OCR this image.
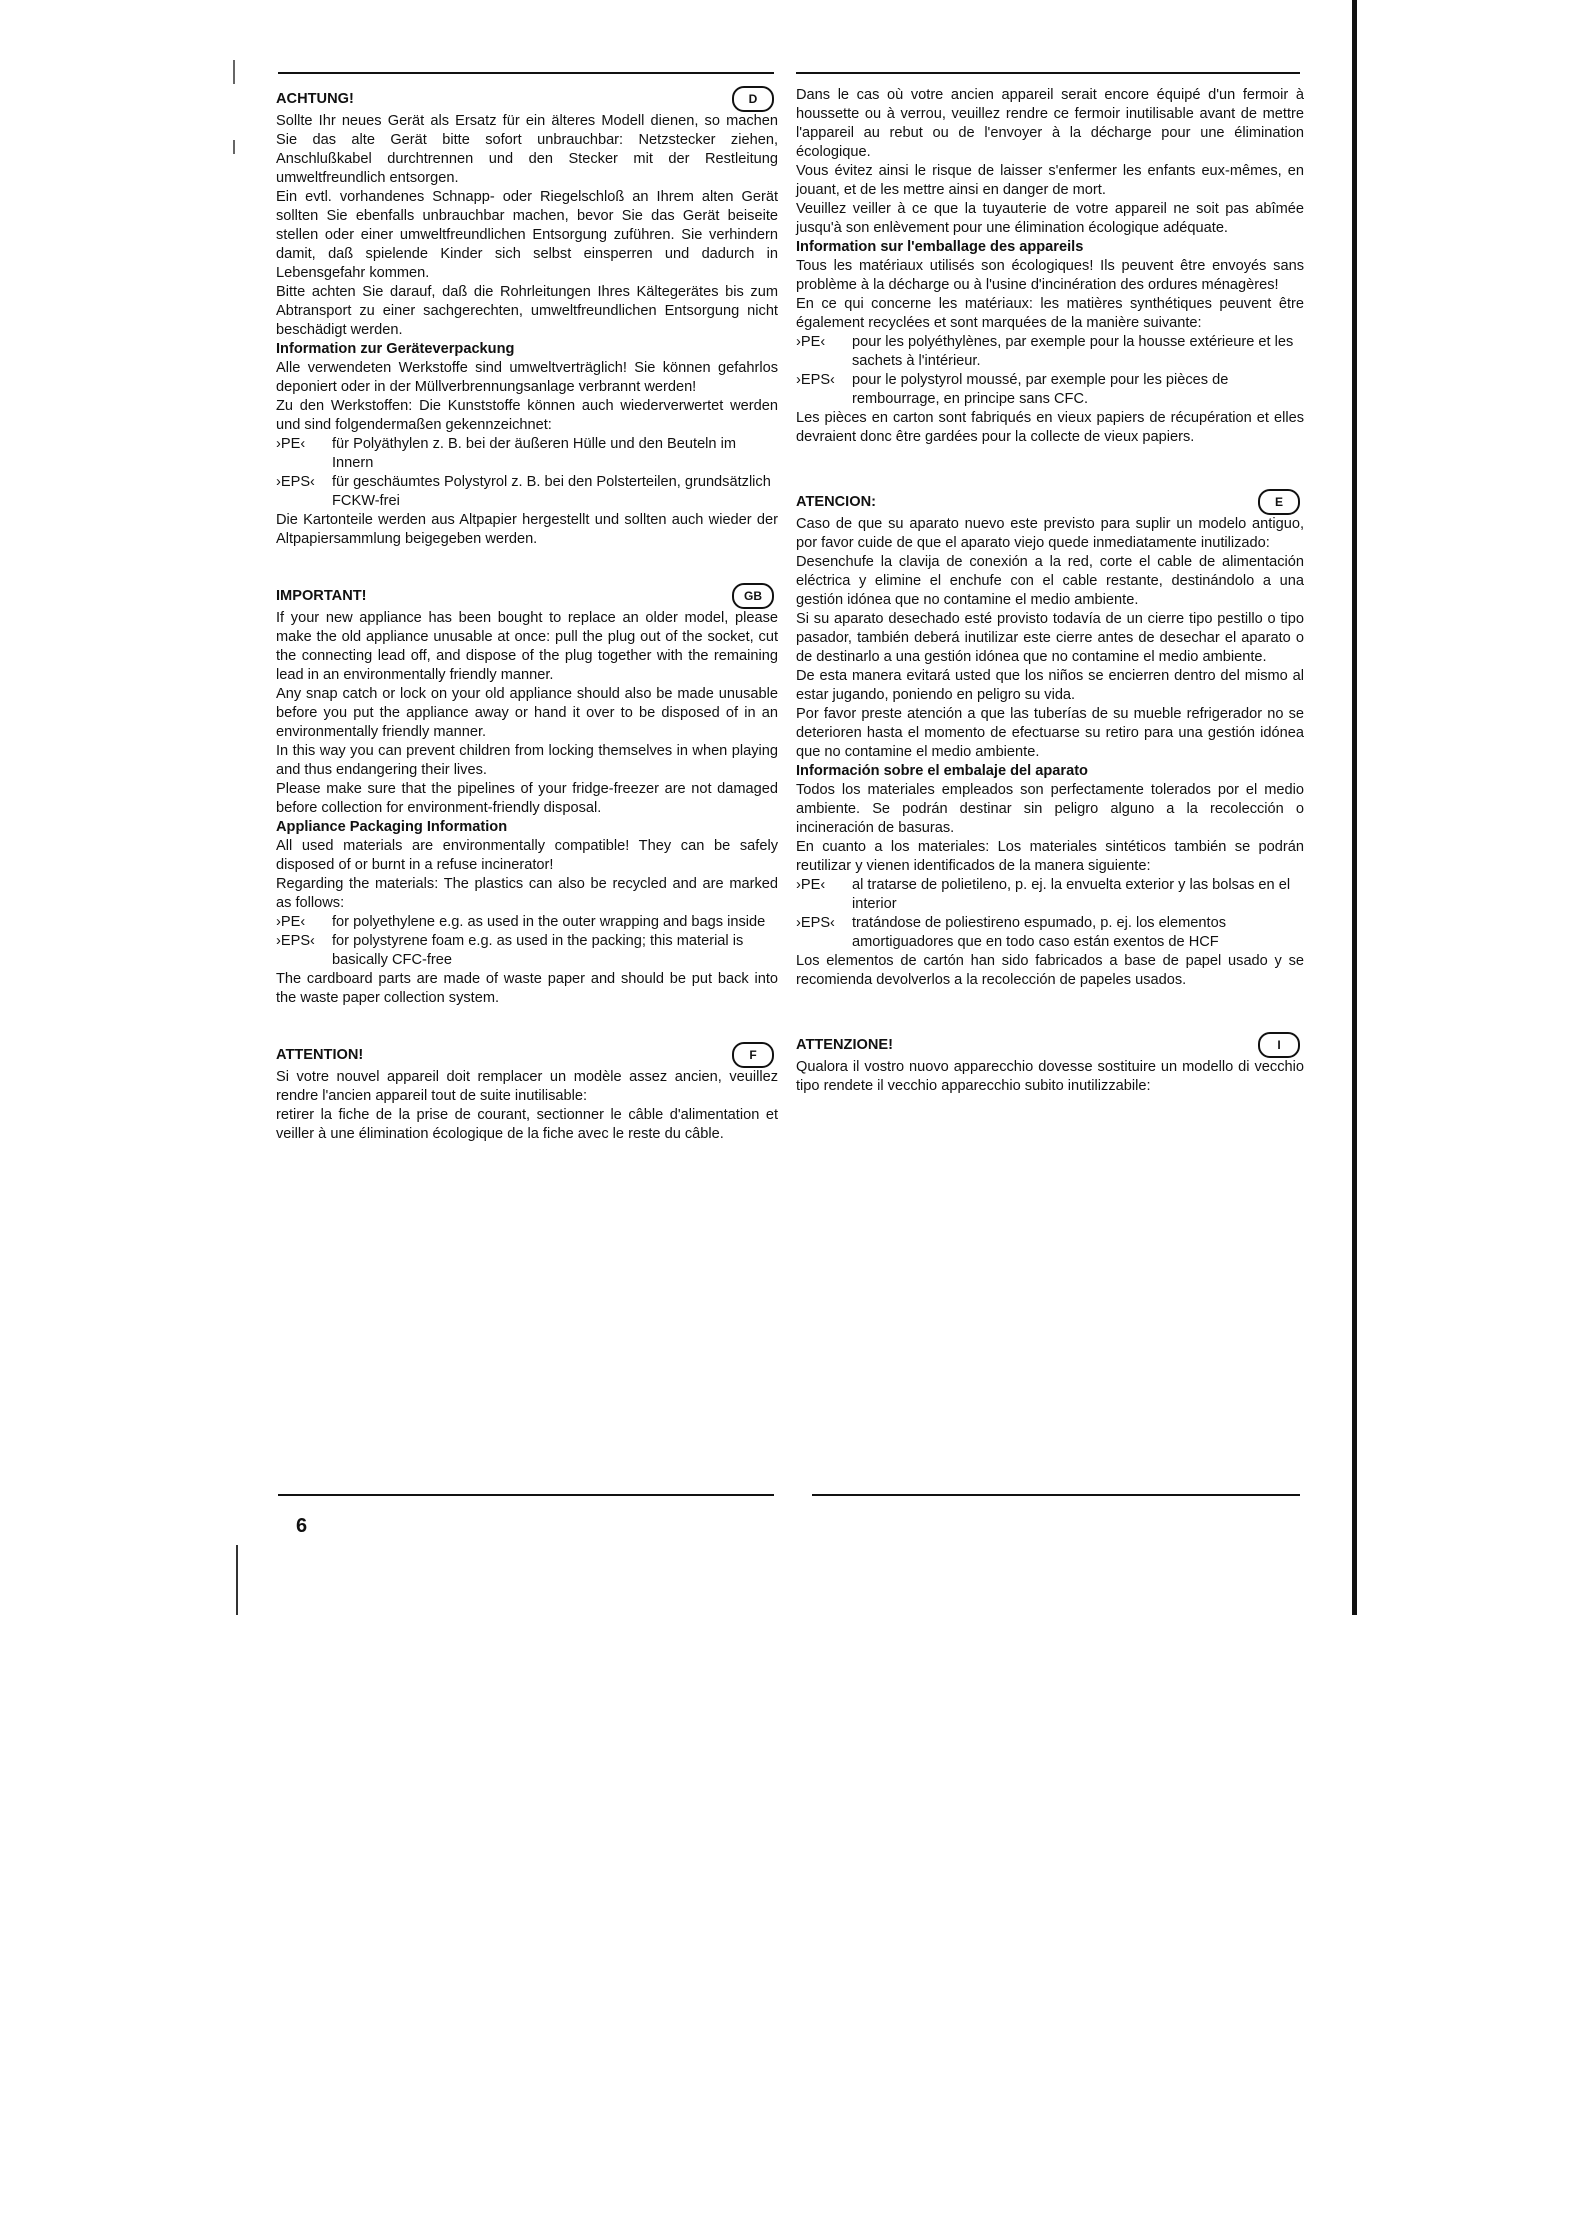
ACHTUNG!	D

Sollte Ihr neues Gerät als Ersatz für ein älteres Modell dienen, so machen Sie das alte Gerät bitte sofort unbrauchbar: Netzstecker ziehen, Anschlußkabel durchtrennen und den Stecker mit der Restleitung umweltfreundlich entsorgen.

Ein evtl. vorhandenes Schnapp- oder Riegelschloß an Ihrem alten Gerät sollten Sie ebenfalls unbrauchbar machen, bevor Sie das Gerät beiseite stellen oder einer umweltfreundlichen Entsorgung zuführen. Sie verhindern damit, daß spielende Kinder sich selbst einsperren und dadurch in Lebensgefahr kommen.

Bitte achten Sie darauf, daß die Rohrleitungen Ihres Kältegerätes bis zum Abtransport zu einer sachgerechten, umweltfreundlichen Entsorgung nicht beschädigt werden.

Information zur Geräteverpackung

Alle verwendeten Werkstoffe sind umweltverträglich! Sie können gefahrlos deponiert oder in der Müllverbrennungsanlage verbrannt werden!

Zu den Werkstoffen: Die Kunststoffe können auch wiederverwertet werden und sind folgendermaßen gekennzeichnet:

›PE‹	für Polyäthylen z. B. bei der äußeren Hülle und den Beuteln im Innern
›EPS‹	für geschäumtes Polystyrol z. B. bei den Polsterteilen, grundsätzlich FCKW-frei

Die Kartonteile werden aus Altpapier hergestellt und sollten auch wieder der Altpapiersammlung beigegeben werden.

IMPORTANT!	GB

If your new appliance has been bought to replace an older model, please make the old appliance unusable at once: pull the plug out of the socket, cut the connecting lead off, and dispose of the plug together with the remaining lead in an environmentally friendly manner.

Any snap catch or lock on your old appliance should also be made unusable before you put the appliance away or hand it over to be disposed of in an environmentally friendly manner.

In this way you can prevent children from locking themselves in when playing and thus endangering their lives.

Please make sure that the pipelines of your fridge-freezer are not damaged before collection for environment-friendly disposal.

Appliance Packaging Information

All used materials are environmentally compatible! They can be safely disposed of or burnt in a refuse incinerator!

Regarding the materials: The plastics can also be recycled and are marked as follows:

›PE‹	for polyethylene e.g. as used in the outer wrapping and bags inside
›EPS‹	for polystyrene foam e.g. as used in the packing; this material is basically CFC-free

The cardboard parts are made of waste paper and should be put back into the waste paper collection system.

ATTENTION!	F

Si votre nouvel appareil doit remplacer un modèle assez ancien, veuillez rendre l'ancien appareil tout de suite inutilisable:

retirer la fiche de la prise de courant, sectionner le câble d'alimentation et veiller à une élimination écologique de la fiche avec le reste du câble.

Dans le cas où votre ancien appareil serait encore équipé d'un fermoir à houssette ou à verrou, veuillez rendre ce fermoir inutilisable avant de mettre l'appareil au rebut ou de l'envoyer à la décharge pour une élimination écologique.

Vous évitez ainsi le risque de laisser s'enfermer les enfants eux-mêmes, en jouant, et de les mettre ainsi en danger de mort.

Veuillez veiller à ce que la tuyauterie de votre appareil ne soit pas abîmée jusqu'à son enlèvement pour une élimination écologique adéquate.

Information sur l'emballage des appareils

Tous les matériaux utilisés son écologiques! Ils peuvent être envoyés sans problème à la décharge ou à l'usine d'incinération des ordures ménagères!

En ce qui concerne les matériaux: les matières synthétiques peuvent être également recyclées et sont marquées de la manière suivante:

›PE‹	pour les polyéthylènes, par exemple pour la housse extérieure et les sachets à l'intérieur.
›EPS‹	pour le polystyrol moussé, par exemple pour les pièces de rembourrage, en principe sans CFC.

Les pièces en carton sont fabriqués en vieux papiers de récupération et elles devraient donc être gardées pour la collecte de vieux papiers.

ATENCION:	E

Caso de que su aparato nuevo este previsto para suplir un modelo antiguo, por favor cuide de que el aparato viejo quede inmediatamente inutilizado:

Desenchufe la clavija de conexión a la red, corte el cable de alimentación eléctrica y elimine el enchufe con el cable restante, destinándolo a una gestión idónea que no contamine el medio ambiente.

Si su aparato desechado esté provisto todavía de un cierre tipo pestillo o tipo pasador, también deberá inutilizar este cierre antes de desechar el aparato o de destinarlo a una gestión idónea que no contamine el medio ambiente.

De esta manera evitará usted que los niños se encierren dentro del mismo al estar jugando, poniendo en peligro su vida.

Por favor preste atención a que las tuberías de su mueble refrigerador no se deterioren hasta el momento de efectuarse su retiro para una gestión idónea que no contamine el medio ambiente.

Información sobre el embalaje del aparato

Todos los materiales empleados son perfectamente tolerados por el medio ambiente. Se podrán destinar sin peligro alguno a la recolección o incineración de basuras.

En cuanto a los materiales: Los materiales sintéticos también se podrán reutilizar y vienen identificados de la manera siguiente:

›PE‹	al tratarse de polietileno, p. ej. la envuelta exterior y las bolsas en el interior
›EPS‹	tratándose de poliestireno espumado, p. ej. los elementos amortiguadores que en todo caso están exentos de HCF

Los elementos de cartón han sido fabricados a base de papel usado y se recomienda devolverlos a la recolección de papeles usados.

ATTENZIONE!	I

Qualora il vostro nuovo apparecchio dovesse sostituire un modello di vecchio tipo rendete il vecchio apparecchio subito inutilizzabile:

6
